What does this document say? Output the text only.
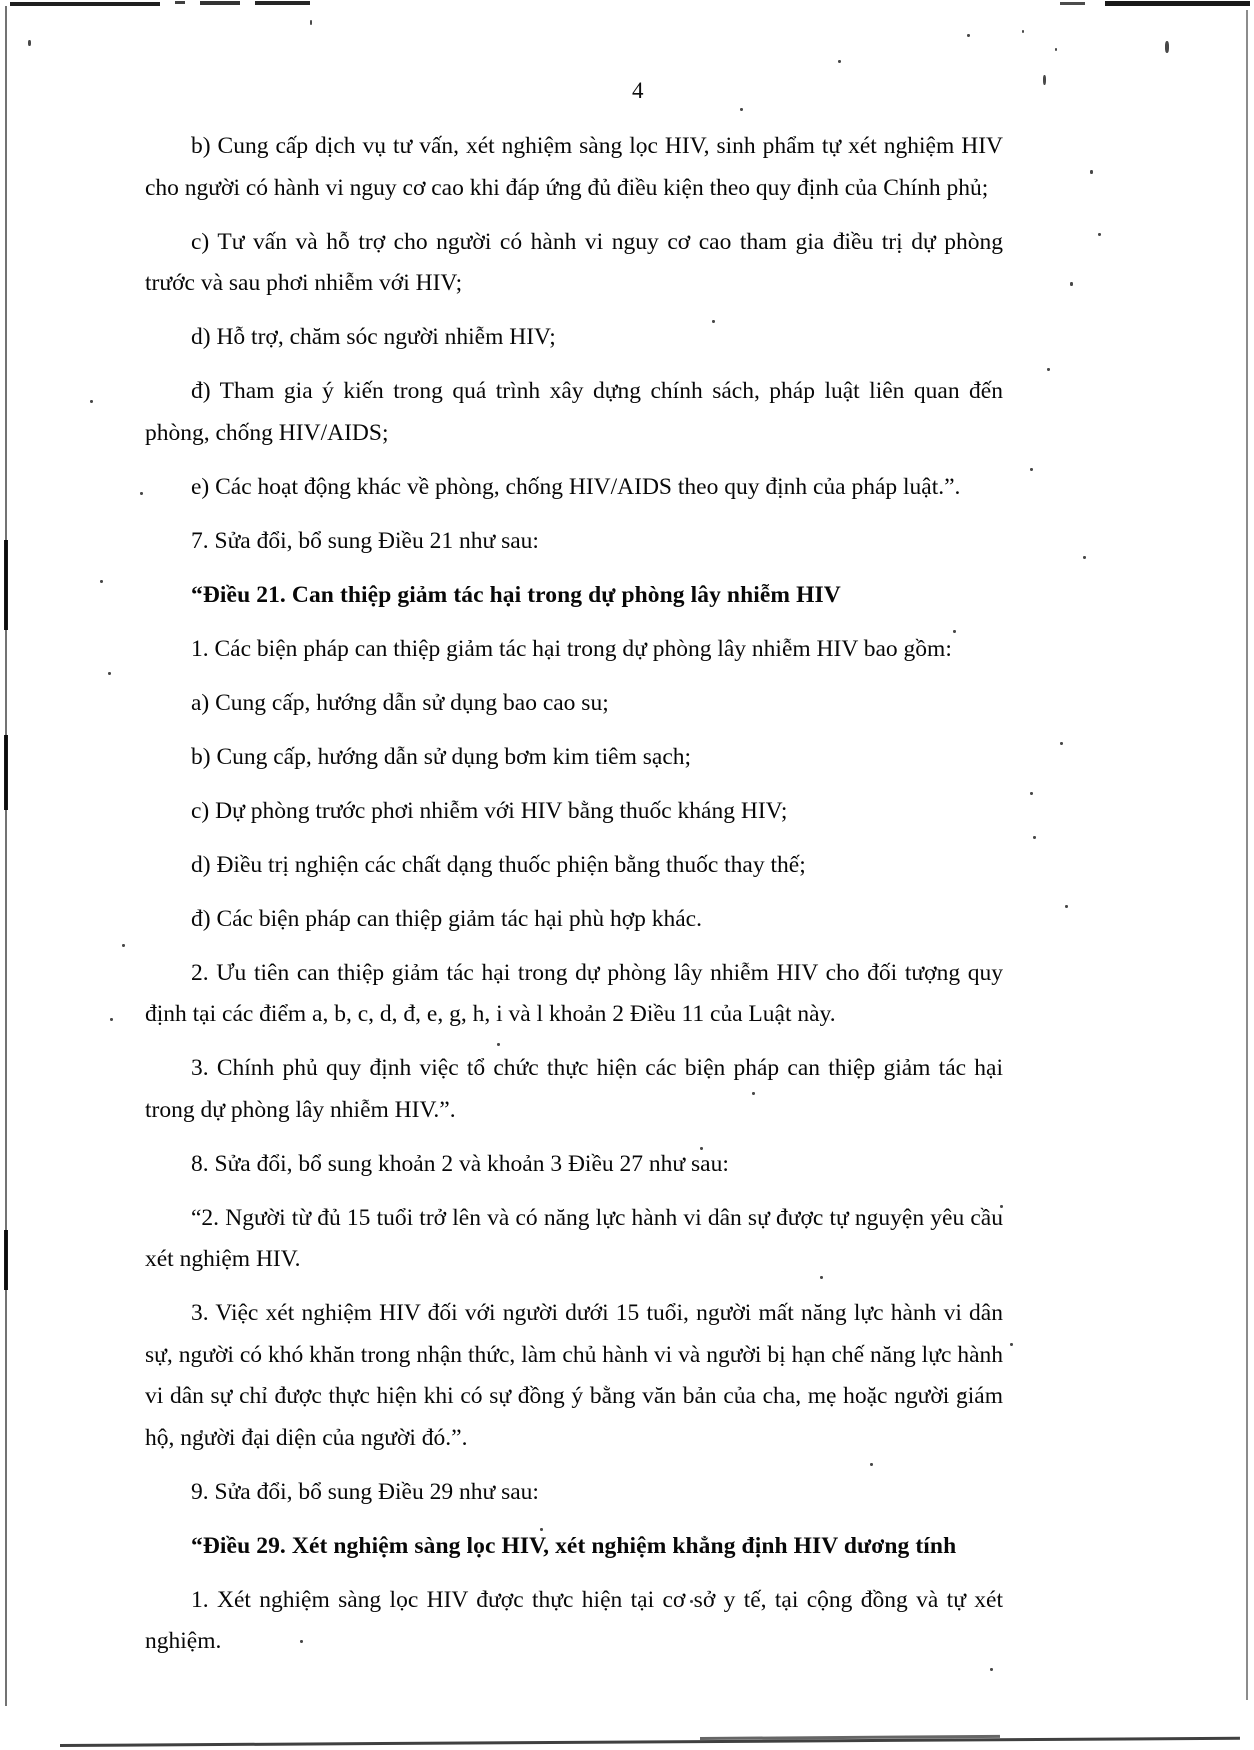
4

b) Cung cấp dịch vụ tư vấn, xét nghiệm sàng lọc HIV, sinh phẩm tự xét nghiệm HIV cho người có hành vi nguy cơ cao khi đáp ứng đủ điều kiện theo quy định của Chính phủ;

c) Tư vấn và hỗ trợ cho người có hành vi nguy cơ cao tham gia điều trị dự phòng trước và sau phơi nhiễm với HIV;

d) Hỗ trợ, chăm sóc người nhiễm HIV;

đ) Tham gia ý kiến trong quá trình xây dựng chính sách, pháp luật liên quan đến phòng, chống HIV/AIDS;

e) Các hoạt động khác về phòng, chống HIV/AIDS theo quy định của pháp luật.”.

7. Sửa đổi, bổ sung Điều 21 như sau:

“Điều 21. Can thiệp giảm tác hại trong dự phòng lây nhiễm HIV

1. Các biện pháp can thiệp giảm tác hại trong dự phòng lây nhiễm HIV bao gồm:

a) Cung cấp, hướng dẫn sử dụng bao cao su;

b) Cung cấp, hướng dẫn sử dụng bơm kim tiêm sạch;

c) Dự phòng trước phơi nhiễm với HIV bằng thuốc kháng HIV;

d) Điều trị nghiện các chất dạng thuốc phiện bằng thuốc thay thế;

đ) Các biện pháp can thiệp giảm tác hại phù hợp khác.

2. Ưu tiên can thiệp giảm tác hại trong dự phòng lây nhiễm HIV cho đối tượng quy định tại các điểm a, b, c, d, đ, e, g, h, i và l khoản 2 Điều 11 của Luật này.

3. Chính phủ quy định việc tổ chức thực hiện các biện pháp can thiệp giảm tác hại trong dự phòng lây nhiễm HIV.”.

8. Sửa đổi, bổ sung khoản 2 và khoản 3 Điều 27 như sau:

“2. Người từ đủ 15 tuổi trở lên và có năng lực hành vi dân sự được tự nguyện yêu cầu xét nghiệm HIV.

3. Việc xét nghiệm HIV đối với người dưới 15 tuổi, người mất năng lực hành vi dân sự, người có khó khăn trong nhận thức, làm chủ hành vi và người bị hạn chế năng lực hành vi dân sự chỉ được thực hiện khi có sự đồng ý bằng văn bản của cha, mẹ hoặc người giám hộ, người đại diện của người đó.”.

9. Sửa đổi, bổ sung Điều 29 như sau:

“Điều 29. Xét nghiệm sàng lọc HIV, xét nghiệm khẳng định HIV dương tính

1. Xét nghiệm sàng lọc HIV được thực hiện tại cơ sở y tế, tại cộng đồng và tự xét nghiệm.
